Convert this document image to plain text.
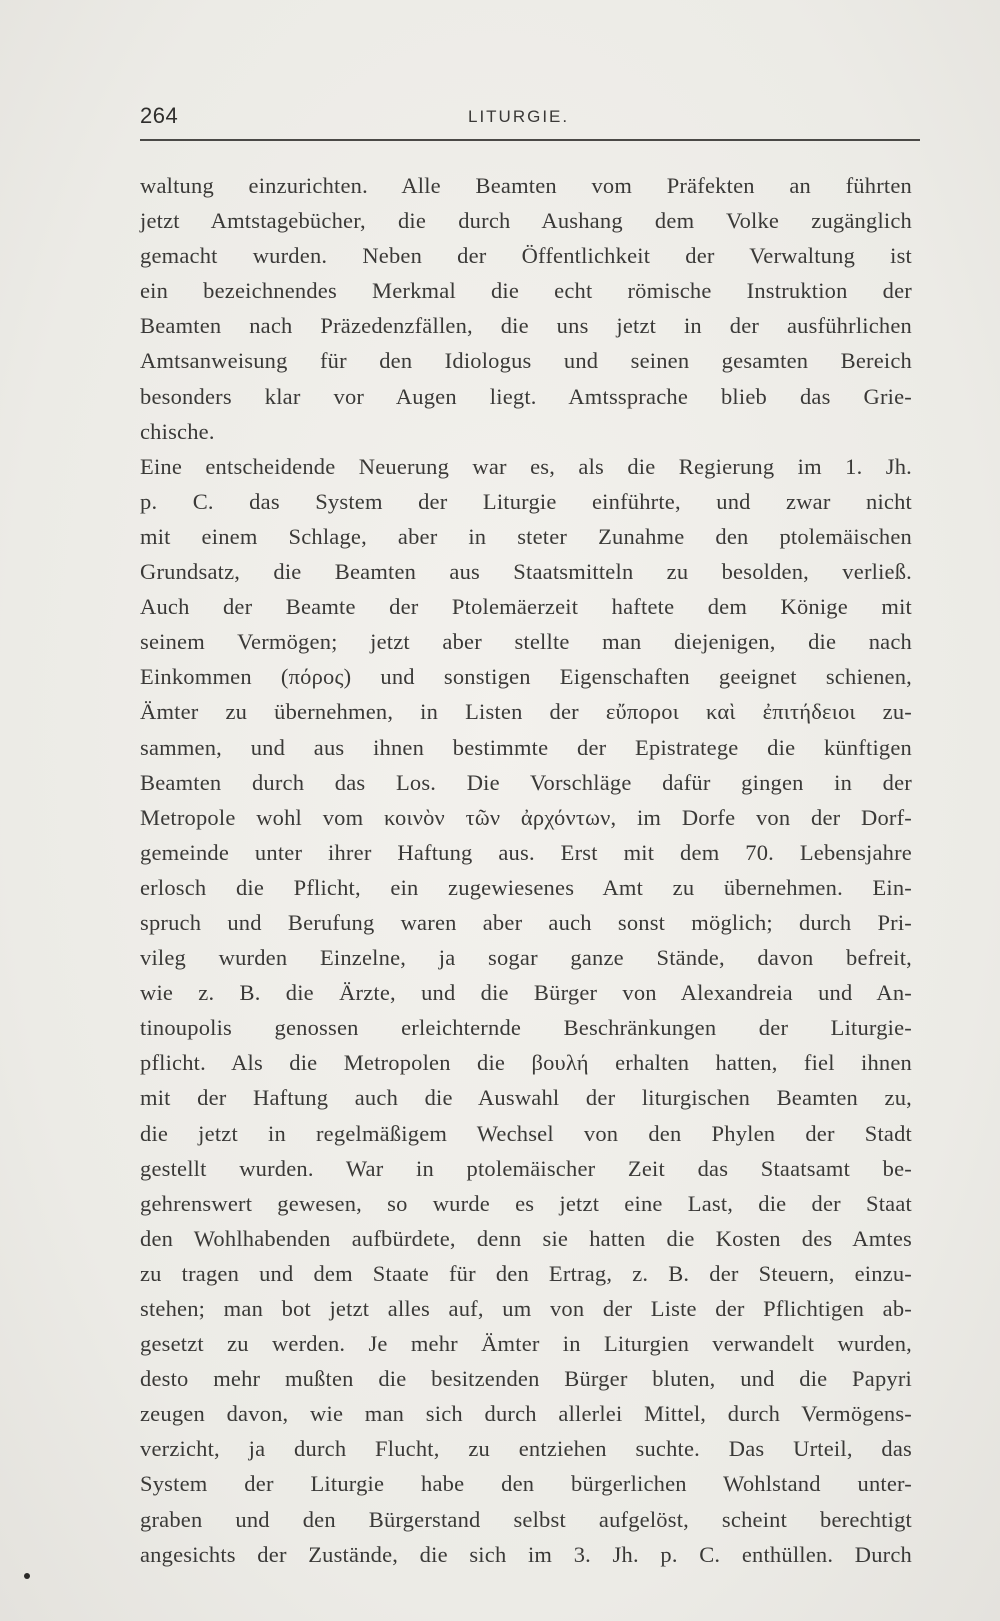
264	LITURGIE.
waltung einzurichten. Alle Beamten vom Präfekten an führten
jetzt Amtstagebücher, die durch Aushang dem Volke zugänglich
gemacht wurden. Neben der Öffentlichkeit der Verwaltung ist
ein bezeichnendes Merkmal die echt römische Instruktion der
Beamten nach Präzedenzfällen, die uns jetzt in der ausführlichen
Amtsanweisung für den Idiologus und seinen gesamten Bereich
besonders klar vor Augen liegt. Amtssprache blieb das Grie-
chische.
Eine entscheidende Neuerung war es, als die Regierung im 1. Jh.
p. C. das System der Liturgie einführte, und zwar nicht
mit einem Schlage, aber in steter Zunahme den ptolemäischen
Grundsatz, die Beamten aus Staatsmitteln zu besolden, verließ.
Auch der Beamte der Ptolemäerzeit haftete dem Könige mit
seinem Vermögen; jetzt aber stellte man diejenigen, die nach
Einkommen (πόρος) und sonstigen Eigenschaften geeignet schienen,
Ämter zu übernehmen, in Listen der εὔποροι καὶ ἐπιτήδειοι zu-
sammen, und aus ihnen bestimmte der Epistratege die künftigen
Beamten durch das Los. Die Vorschläge dafür gingen in der
Metropole wohl vom κοινὸν τῶν ἀρχόντων, im Dorfe von der Dorf-
gemeinde unter ihrer Haftung aus. Erst mit dem 70. Lebensjahre
erlosch die Pflicht, ein zugewiesenes Amt zu übernehmen. Ein-
spruch und Berufung waren aber auch sonst möglich; durch Pri-
vileg wurden Einzelne, ja sogar ganze Stände, davon befreit,
wie z. B. die Ärzte, und die Bürger von Alexandreia und An-
tinoupolis genossen erleichternde Beschränkungen der Liturgie-
pflicht. Als die Metropolen die βουλή erhalten hatten, fiel ihnen
mit der Haftung auch die Auswahl der liturgischen Beamten zu,
die jetzt in regelmäßigem Wechsel von den Phylen der Stadt
gestellt wurden. War in ptolemäischer Zeit das Staatsamt be-
gehrenswert gewesen, so wurde es jetzt eine Last, die der Staat
den Wohlhabenden aufbürdete, denn sie hatten die Kosten des Amtes
zu tragen und dem Staate für den Ertrag, z. B. der Steuern, einzu-
stehen; man bot jetzt alles auf, um von der Liste der Pflichtigen ab-
gesetzt zu werden. Je mehr Ämter in Liturgien verwandelt wurden,
desto mehr mußten die besitzenden Bürger bluten, und die Papyri
zeugen davon, wie man sich durch allerlei Mittel, durch Vermögens-
verzicht, ja durch Flucht, zu entziehen suchte. Das Urteil, das
System der Liturgie habe den bürgerlichen Wohlstand unter-
graben und den Bürgerstand selbst aufgelöst, scheint berechtigt
angesichts der Zustände, die sich im 3. Jh. p. C. enthüllen. Durch
